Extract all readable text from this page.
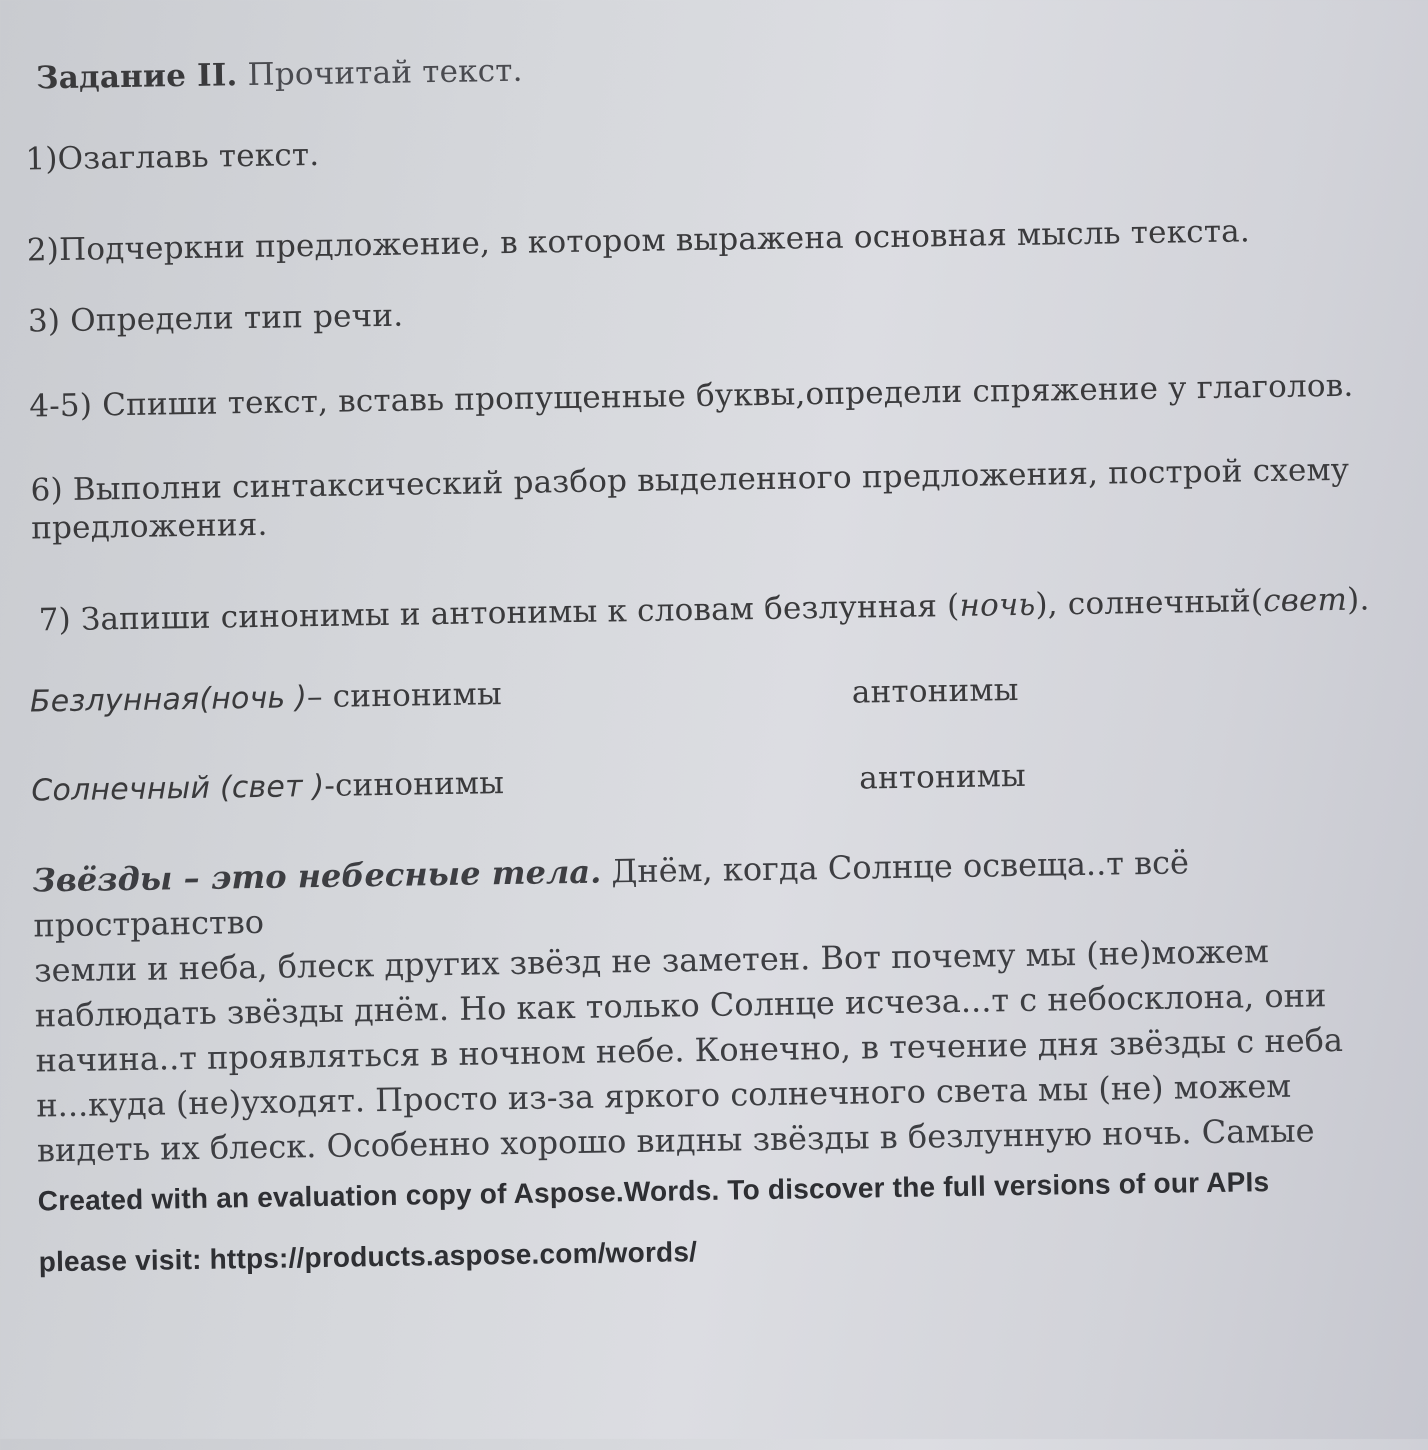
Задание II. Прочитай текст.
1)Озаглавь текст.
2)Подчеркни предложение, в котором выражена основная мысль текста.
3) Определи тип речи.
4-5) Спиши текст, вставь пропущенные буквы,определи спряжение у глаголов.
6) Выполни синтаксический разбор выделенного предложения, построй схему
предложения.
7) Запиши синонимы и антонимы к словам безлунная (ночь), солнечный(свет).
Безлунная(ночь )– синонимы	антонимы
Солнечный (свет )-синонимы	антонимы
Звёзды – это небесные тела. Днём, когда Солнце освеща..т всё пространство
земли и неба, блеск других звёзд не заметен. Вот почему мы (не)можем
наблюдать звёзды днём. Но как только Солнце исчеза...т с небосклона, они
начина..т проявляться в ночном небе. Конечно, в течение дня звёзды с неба
н...куда (не)уходят. Просто из-за яркого солнечного света мы (не) можем
видеть их блеск. Особенно хорошо видны звёзды в безлунную ночь. Самые
Created with an evaluation copy of Aspose.Words. To discover the full versions of our APIs
please visit: https://products.aspose.com/words/
